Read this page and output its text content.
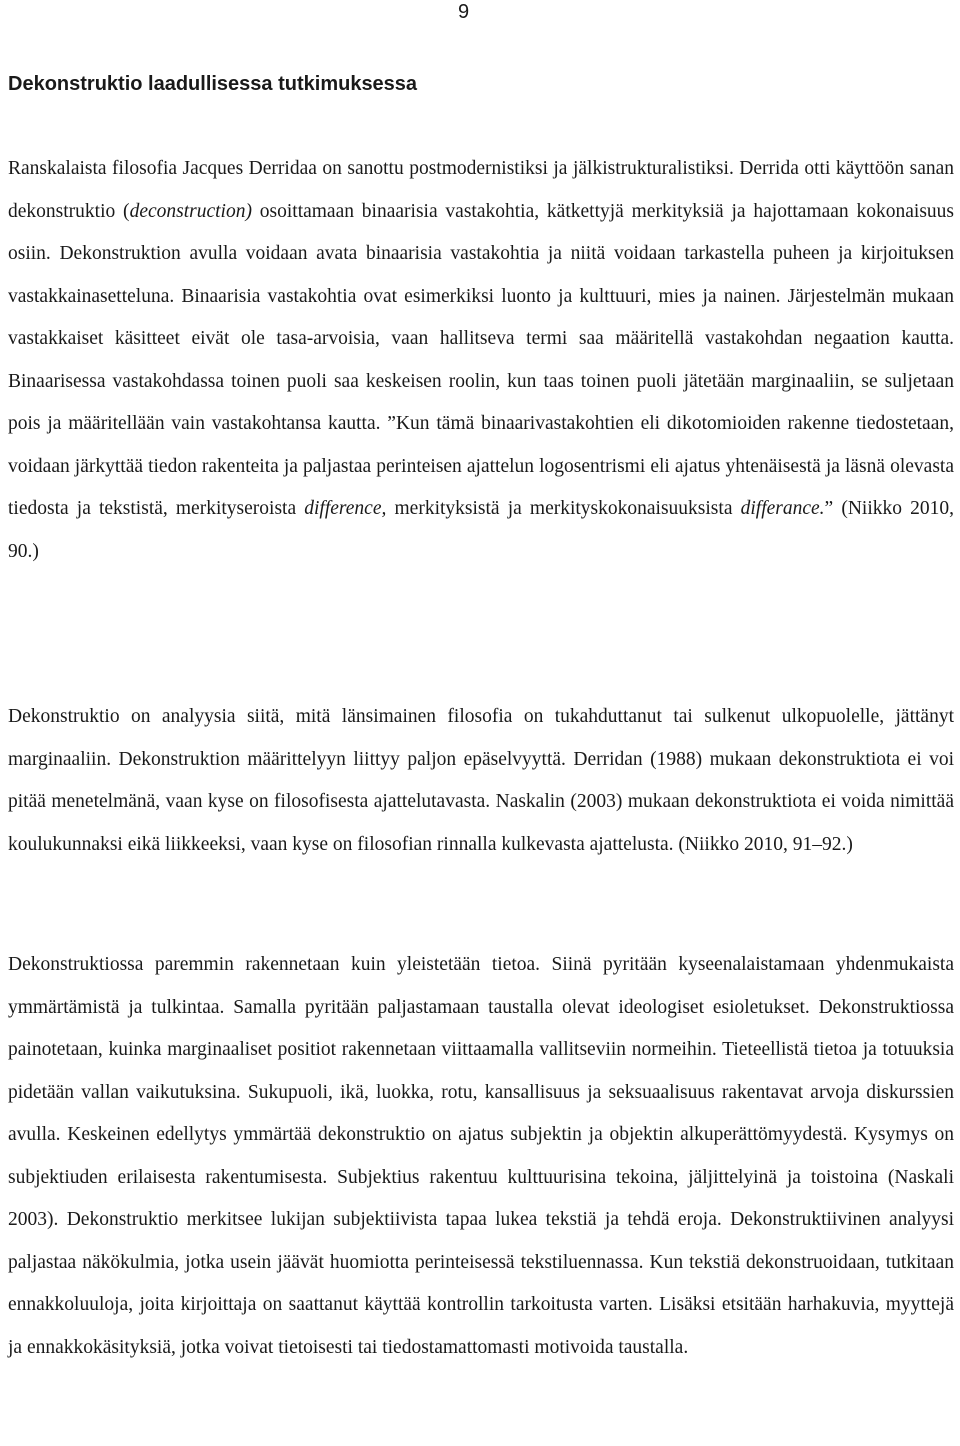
9
Dekonstruktio laadullisessa tutkimuksessa

Ranskalaista filosofia Jacques Derridaa on sanottu postmodernistiksi ja jälkistrukturalistiksi. Derrida otti käyttöön sanan dekonstruktio (deconstruction) osoittamaan binaarisia vastakohtia, kätkettyjä merkityksiä ja hajottamaan kokonaisuus osiin. Dekonstruktion avulla voidaan avata binaarisia vastakohtia ja niitä voidaan tarkastella puheen ja kirjoituksen vastakkainasetteluna. Binaarisia vastakohtia ovat esimerkiksi luonto ja kulttuuri, mies ja nainen. Järjestelmän mukaan vastakkaiset käsitteet eivät ole tasa-arvoisia, vaan hallitseva termi saa määritellä vastakohdan negaation kautta. Binaarisessa vastakohdassa toinen puoli saa keskeisen roolin, kun taas toinen puoli jätetään marginaaliin, se suljetaan pois ja määritellään vain vastakohtansa kautta. ”Kun tämä binaarivastakohtien eli dikotomioiden rakenne tiedostetaan, voidaan järkyttää tiedon rakenteita ja paljastaa perinteisen ajattelun logosentrismi eli ajatus yhtenäisestä ja läsnä olevasta tiedosta ja tekstistä, merkityseroista difference, merkityksistä ja merkityskokonaisuuksista differance.” (Niikko 2010, 90.)

Dekonstruktio on analyysia siitä, mitä länsimainen filosofia on tukahduttanut tai sulkenut ulkopuolelle, jättänyt marginaaliin. Dekonstruktion määrittelyyn liittyy paljon epäselvyyttä. Derridan (1988) mukaan dekonstruktiota ei voi pitää menetelmänä, vaan kyse on filosofisesta ajattelutavasta. Naskalin (2003) mukaan dekonstruktiota ei voida nimittää koulukunnaksi eikä liikkeeksi, vaan kyse on filosofian rinnalla kulkevasta ajattelusta. (Niikko 2010, 91–92.)

Dekonstruktiossa paremmin rakennetaan kuin yleistetään tietoa. Siinä pyritään kyseenalaistamaan yhdenmukaista ymmärtämistä ja tulkintaa. Samalla pyritään paljastamaan taustalla olevat ideologiset esioletukset. Dekonstruktiossa painotetaan, kuinka marginaaliset positiot rakennetaan viittaamalla vallitseviin normeihin. Tieteellistä tietoa ja totuuksia pidetään vallan vaikutuksina. Sukupuoli, ikä, luokka, rotu, kansallisuus ja seksuaalisuus rakentavat arvoja diskurssien avulla. Keskeinen edellytys ymmärtää dekonstruktio on ajatus subjektin ja objektin alkuperättömyydestä. Kysymys on subjektiuden erilaisesta rakentumisesta. Subjektius rakentuu kulttuurisina tekoina, jäljittelyinä ja toistoina (Naskali 2003). Dekonstruktio merkitsee lukijan subjektiivista tapaa lukea tekstiä ja tehdä eroja. Dekonstruktiivinen analyysi paljastaa näkökulmia, jotka usein jäävät huomiotta perinteisessä tekstiluennassa. Kun tekstiä dekonstruoidaan, tutkitaan ennakkoluuloja, joita kirjoittaja on saattanut käyttää kontrollin tarkoitusta varten. Lisäksi etsitään harhakuvia, myyttejä ja ennakkokäsityksiä, jotka voivat tietoisesti tai tiedostamattomasti motivoida taustalla.
